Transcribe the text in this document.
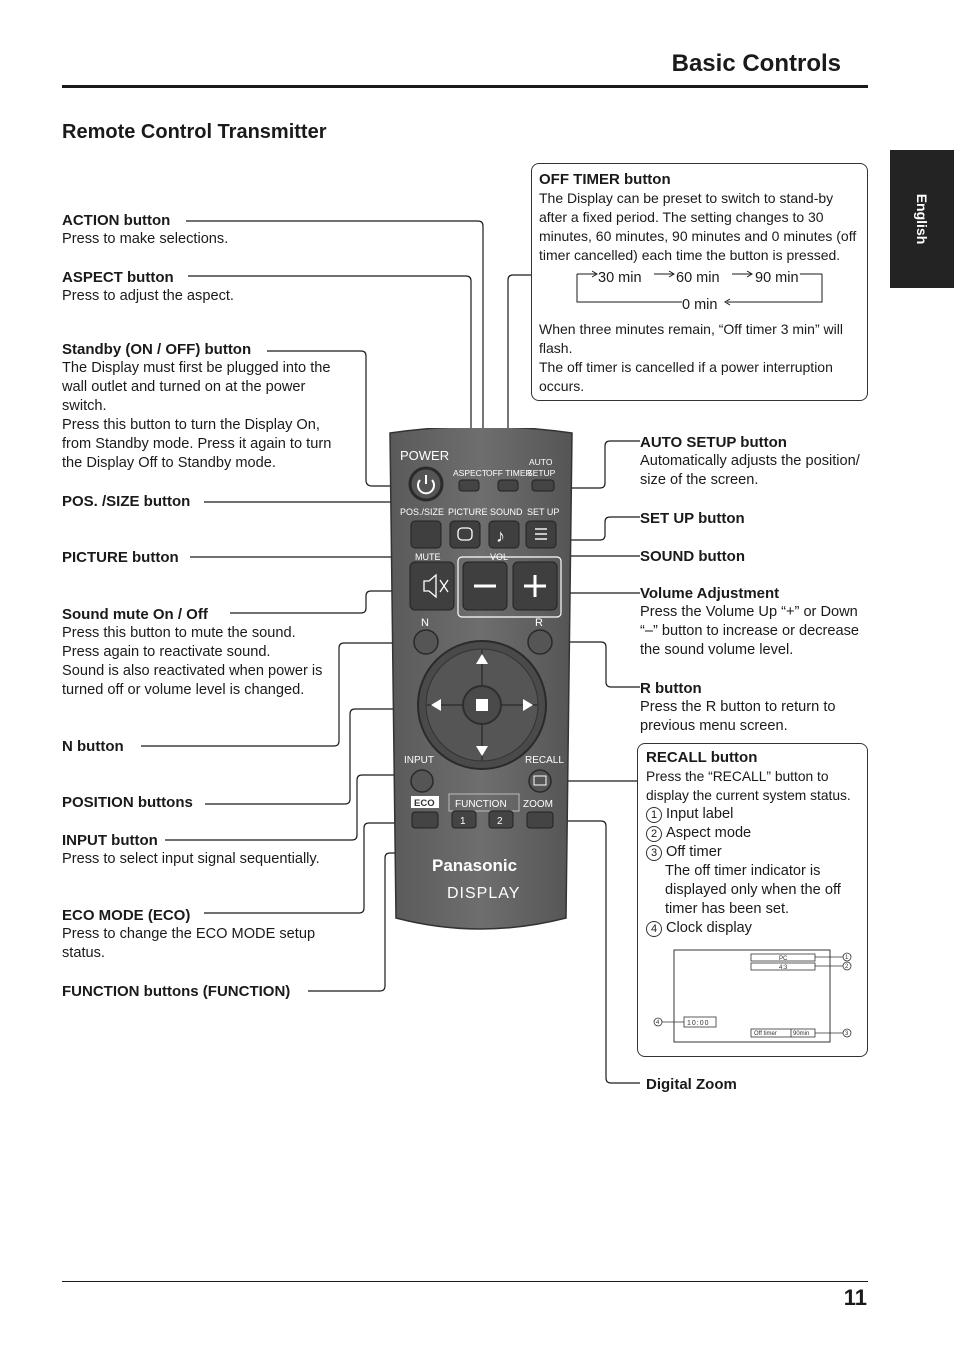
Basic Controls
Remote Control Transmitter
English
POWER
ASPECT
OFF TIMER
AUTO
SETUP
POS./SIZE PICTURE SOUND SET UP
♪
MUTE	VOL
N	R
INPUT	RECALL
ECO FUNCTION ZOOM
1	2
Panasonic
DISPLAY
ACTION button
Press to make selections.
ASPECT button
Press to adjust the aspect.
Standby (ON / OFF) button
The Display must first be plugged into the wall outlet and turned on at the power switch.
Press this button to turn the Display On, from Standby mode. Press it again to turn the Display Off to Standby mode.
POS. /SIZE button
PICTURE button
Sound mute On / Off
Press this button to mute the sound.
Press again to reactivate sound.
Sound is also reactivated when power is turned off or volume level is changed.
N button
POSITION buttons
INPUT button
Press to select input signal sequentially.
ECO MODE (ECO)
Press to change the ECO MODE setup status.
FUNCTION buttons (FUNCTION)
OFF TIMER button
The Display can be preset to switch to stand-by after a fixed period. The setting changes to 30 minutes, 60 minutes, 90 minutes and 0 minutes (off timer cancelled) each time the button is pressed.
30 min 60 min 90 min
0 min
When three minutes remain, “Off timer 3 min” will flash.
The off timer is cancelled if a power interruption occurs.
AUTO SETUP button
Automatically adjusts the position/ size of the screen.
SET UP button
SOUND button
Volume Adjustment
Press the Volume Up “+” or Down “–” button to increase or decrease the sound volume level.
R button
Press the R button to return to previous menu screen.
RECALL button
Press the “RECALL” button to display the current system status.
1 Input label
2 Aspect mode
3 Off timer
The off timer indicator is displayed only when the off timer has been set.
4 Clock display
PC
4:3
10:00
Off timer	90min
1
2
3
4
Digital Zoom
11
